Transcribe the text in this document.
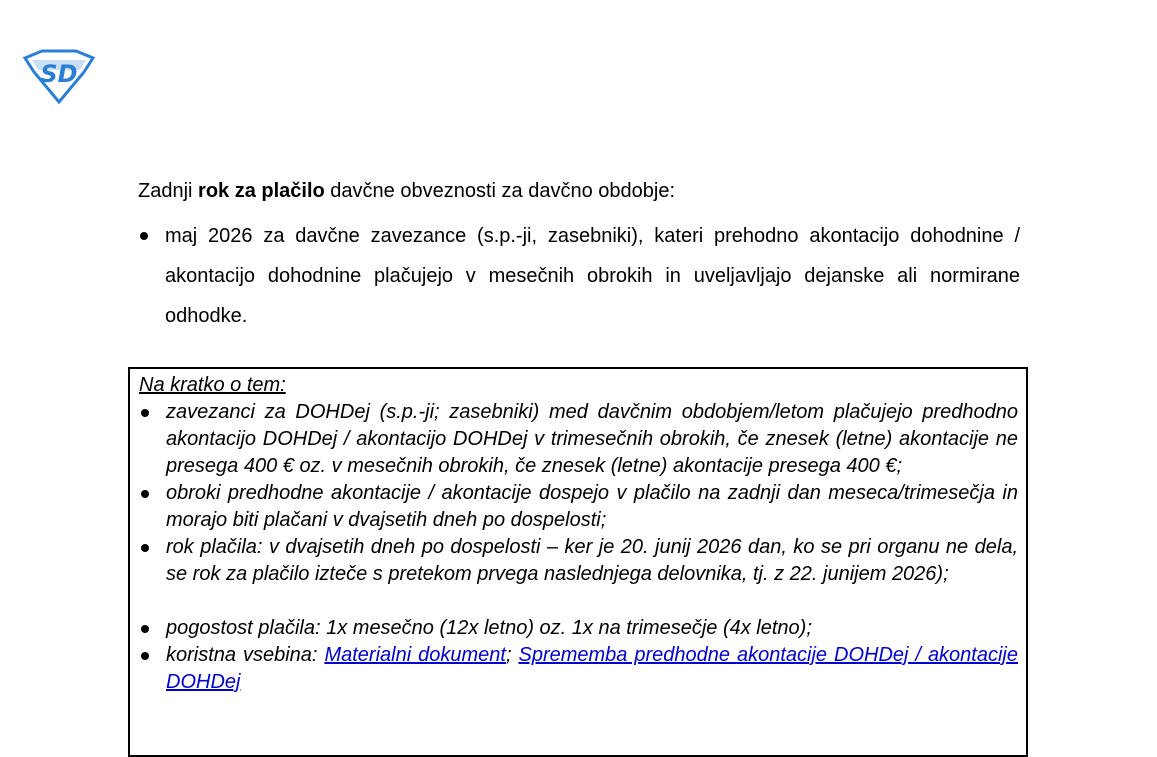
SD

Zadnji rok za plačilo davčne obveznosti za davčno obdobje:

maj 2026 za davčne zavezance (s.p.-ji, zasebniki), kateri prehodno akontacijo dohodnine / akontacijo dohodnine plačujejo v mesečnih obrokih in uveljavljajo dejanske ali normirane odhodke.

Na kratko o tem:

zavezanci za DOHDej (s.p.-ji; zasebniki) med davčnim obdobjem/letom plačujejo predhodno akontacijo DOHDej / akontacijo DOHDej v trimesečnih obrokih, če znesek (letne) akontacije ne presega 400 € oz. v mesečnih obrokih, če znesek (letne) akontacije presega 400 €;
obroki predhodne akontacije / akontacije dospejo v plačilo na zadnji dan meseca/trimesečja in morajo biti plačani v dvajsetih dneh po dospelosti;
rok plačila: v dvajsetih dneh po dospelosti – ker je 20. junij 2026 dan, ko se pri organu ne dela, se rok za plačilo izteče s pretekom prvega naslednjega delovnika, tj. z 22. junijem 2026);
pogostost plačila: 1x mesečno (12x letno) oz. 1x na trimesečje (4x letno);
koristna vsebina: Materialni dokument; Sprememba predhodne akontacije DOHDej / akontacije DOHDej
